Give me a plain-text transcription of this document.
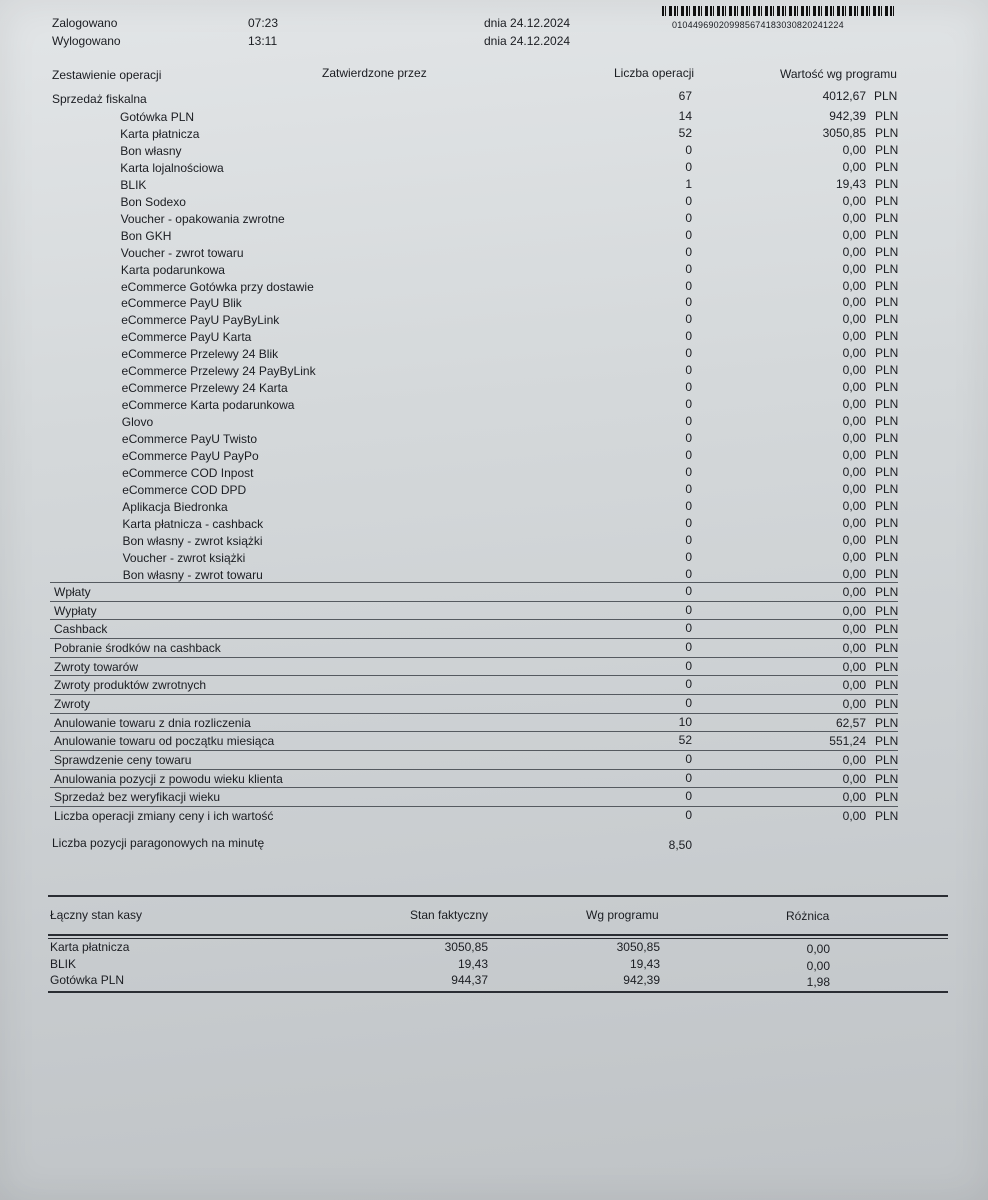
Zalogowano	07:23	dnia 24.12.2024
Wylogowano	13:11	dnia 24.12.2024
010449690209985674183030820241224
Zestawienie operacji	Zatwierdzone przez	Liczba operacji	Wartość wg programu
Sprzedaż fiskalna	67	4012,67 PLN
Gotówka PLN	14	942,39 PLN
Karta płatnicza	52	3050,85 PLN
Bon własny	0	0,00 PLN
Karta lojalnościowa	0	0,00 PLN
BLIK	1	19,43 PLN
Bon Sodexo	0	0,00 PLN
Voucher - opakowania zwrotne	0	0,00 PLN
Bon GKH	0	0,00 PLN
Voucher - zwrot towaru	0	0,00 PLN
Karta podarunkowa	0	0,00 PLN
eCommerce Gotówka przy dostawie	0	0,00 PLN
eCommerce PayU Blik	0	0,00 PLN
eCommerce PayU PayByLink	0	0,00 PLN
eCommerce PayU Karta	0	0,00 PLN
eCommerce Przelewy 24 Blik	0	0,00 PLN
eCommerce Przelewy 24 PayByLink	0	0,00 PLN
eCommerce Przelewy 24 Karta	0	0,00 PLN
eCommerce Karta podarunkowa	0	0,00 PLN
Glovo	0	0,00 PLN
eCommerce PayU Twisto	0	0,00 PLN
eCommerce PayU PayPo	0	0,00 PLN
eCommerce COD Inpost	0	0,00 PLN
eCommerce COD DPD	0	0,00 PLN
Aplikacja Biedronka	0	0,00 PLN
Karta płatnicza - cashback	0	0,00 PLN
Bon własny - zwrot książki	0	0,00 PLN
Voucher - zwrot książki	0	0,00 PLN
Bon własny - zwrot towaru	0	0,00 PLN
Wpłaty	0	0,00 PLN
Wypłaty	0	0,00 PLN
Cashback	0	0,00 PLN
Pobranie środków na cashback	0	0,00 PLN
Zwroty towarów	0	0,00 PLN
Zwroty produktów zwrotnych	0	0,00 PLN
Zwroty	0	0,00 PLN
Anulowanie towaru z dnia rozliczenia	10	62,57 PLN
Anulowanie towaru od początku miesiąca	52	551,24 PLN
Sprawdzenie ceny towaru	0	0,00 PLN
Anulowania pozycji z powodu wieku klienta	0	0,00 PLN
Sprzedaż bez weryfikacji wieku	0	0,00 PLN
Liczba operacji zmiany ceny i ich wartość	0	0,00 PLN
Liczba pozycji paragonowych na minutę	8,50
Łączny stan kasy	Stan faktyczny	Wg programu	Różnica
Karta płatnicza	3050,85	3050,85	0,00
BLIK	19,43	19,43	0,00
Gotówka PLN	944,37	942,39	1,98
